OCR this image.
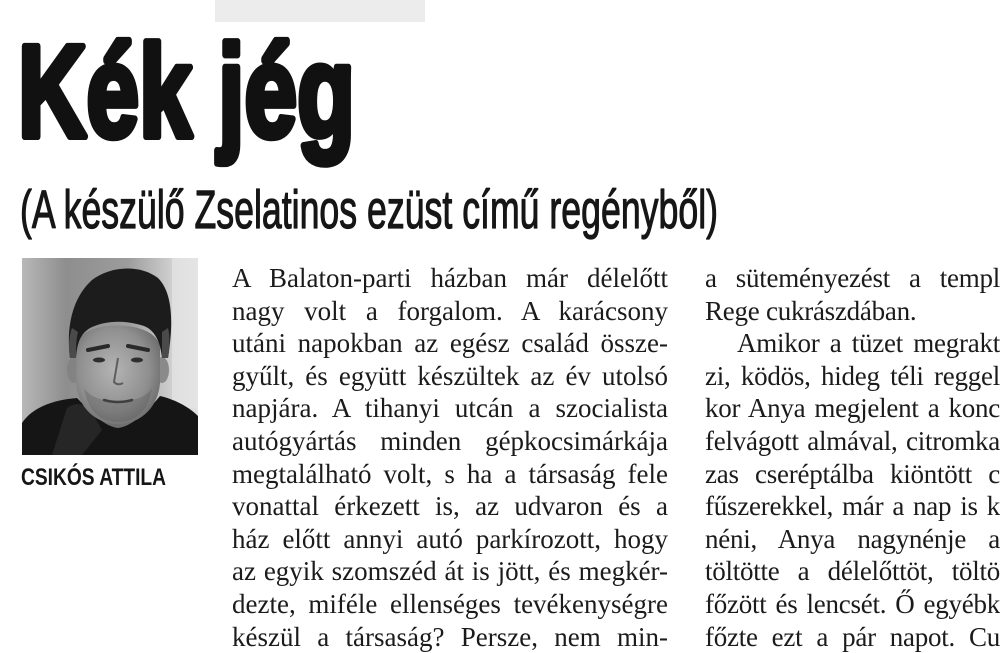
Kék jég
(A készülő Zselatinos ezüst című regényből)
CSIKÓS ATTILA
A Balaton-parti házban már délelőtt
nagy volt a forgalom. A karácsony
utáni napokban az egész család össze-
gyűlt, és együtt készültek az év utolsó
napjára. A tihanyi utcán a szocialista
autógyártás minden gépkocsimárkája
megtalálható volt, s ha a társaság fele
vonattal érkezett is, az udvaron és a
ház előtt annyi autó parkírozott, hogy
az egyik szomszéd át is jött, és megkér-
dezte, miféle ellenséges tevékenységre
készül a társaság? Persze, nem min-
a süteményezést a templ
Rege cukrászdában.
Amikor a tüzet megrakt
zi, ködös, hideg téli reggel
kor Anya megjelent a konc
felvágott almával, citromka
zas cseréptálba kiöntött c
fűszerekkel, már a nap is k
néni, Anya nagynénje a
töltötte a délelőttöt, töltö
főzött és lencsét. Ő egyébk
főzte ezt a pár napot. Cu
